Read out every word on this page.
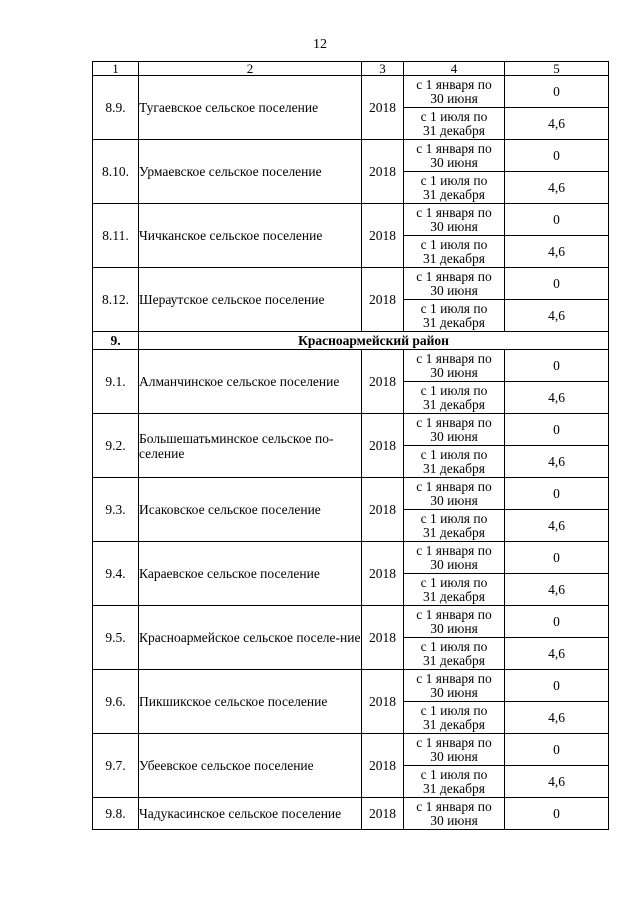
12
1	2	3	4	5
8.9.	Тугаевское сельское поселение	2018	с 1 января по
30 июня	0

			с 1 июля по
31 декабря	4,6
8.10.	Урмаевское сельское поселение	2018	с 1 января по
30 июня	0

			с 1 июля по
31 декабря	4,6
8.11.	Чичканское сельское поселение	2018	с 1 января по
30 июня	0

			с 1 июля по
31 декабря	4,6
8.12.	Шераутское сельское поселение	2018	с 1 января по
30 июня	0

			с 1 июля по
31 декабря	4,6
9.	Красноармейский район			
9.1.	Алманчинское сельское поселение	2018	с 1 января по
30 июня	0

			с 1 июля по
31 декабря	4,6
9.2.	Большешатьминское сельское по-селение	2018	с 1 января по
30 июня	0

			с 1 июля по
31 декабря	4,6
9.3.	Исаковское сельское поселение	2018	с 1 января по
30 июня	0

			с 1 июля по
31 декабря	4,6
9.4.	Караевское сельское поселение	2018	с 1 января по
30 июня	0

			с 1 июля по
31 декабря	4,6
9.5.	Красноармейское сельское поселе-ние	2018	с 1 января по
30 июня	0

			с 1 июля по
31 декабря	4,6
9.6.	Пикшикское сельское поселение	2018	с 1 января по
30 июня	0

			с 1 июля по
31 декабря	4,6
9.7.	Убеевское сельское поселение	2018	с 1 января по
30 июня	0

			с 1 июля по
31 декабря	4,6
9.8.	Чадукасинское сельское поселение	2018	с 1 января по
30 июня	0
